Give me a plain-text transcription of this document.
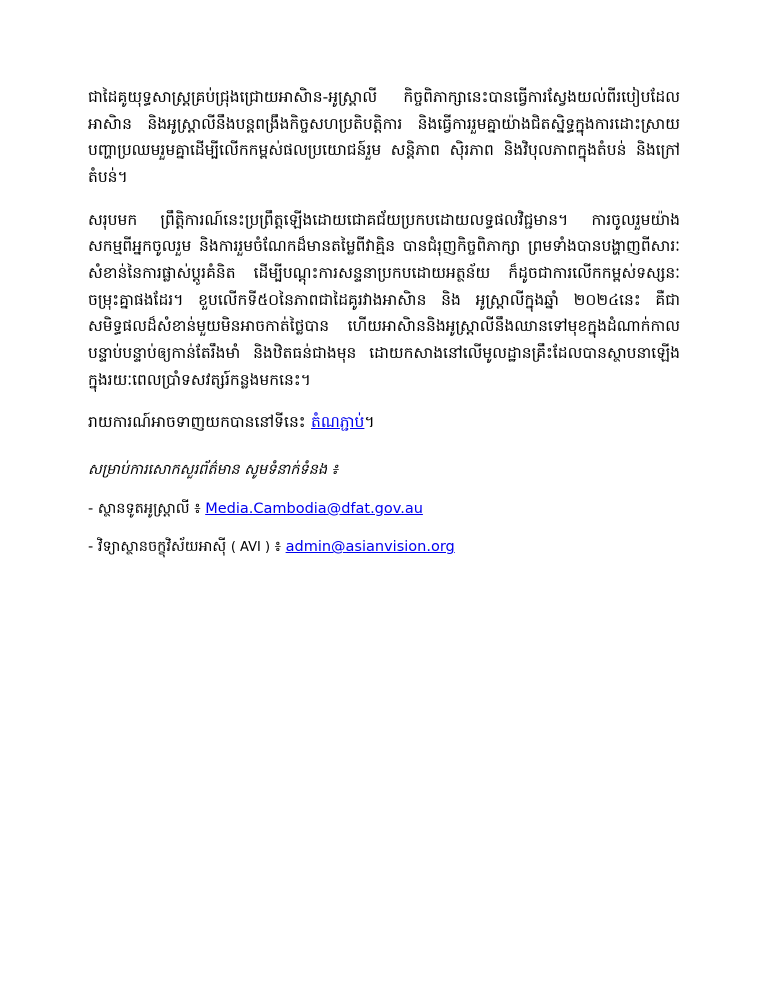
ជាដៃគូយុទ្ធសាស្ត្រគ្រប់ជ្រុងជ្រោយអាសិាន-អូស្ត្រាលី កិច្ចពិភាក្សានេះបានធ្វើការស្វែងយល់ពីរបៀបដែលអាសិាន និងអូស្ត្រាលីនឹងបន្តពង្រឹងកិច្ចសហប្រតិបត្តិការ និងធ្វើការរួមគ្នាយ៉ាងជិតស្និទ្ធក្នុងការដោះស្រាយបញ្ហាប្រឈមរួមគ្នាដើម្បីលើកកម្ពស់ផលប្រយោជន៍រួម សន្តិភាព សុិរភាព និងវិបុលភាពក្នុងតំបន់ និងក្រៅតំបន់។

សរុបមក ព្រឹត្តិការណ៍នេះប្រព្រឹត្តឡើងដោយជោគជ័យប្រកបដោយលទ្ធផលវិជ្ជមាន។ ការចូលរួមយ៉ាងសកម្មពីអ្នកចូលរួម និងការរួមចំណែកដ៏មានតម្លៃពីវាគ្មិន បានជំរុញកិច្ចពិភាក្សា ព្រមទាំងបានបង្ហាញពីសារៈសំខាន់នៃការផ្លាស់ប្តូរគំនិត ដើម្បីបណ្តុះការសន្ទនាប្រកបដោយអត្ថន័យ ក៏ដូចជាការលើកកម្ពស់ទស្សនៈចម្រុះគ្នាផងដែរ។ ខួបលើកទី៥០នៃភាពជាដៃគូរវាងអាសិាន និង អូស្ត្រាលីក្នុងឆ្នាំ ២០២៤នេះ គឺជាសមិទ្ធផលដ៏សំខាន់មួយមិនអាចកាត់ថ្លៃបាន ហើយអាសិាននិងអូស្ត្រាលីនឹងឈានទៅមុខក្នុងដំណាក់កាលបន្ទាប់បន្ទាប់ឲ្យកាន់តែរឹងមាំ និងឋិតធន់ជាងមុន ដោយកសាងនៅលើមូលដ្ឋានគ្រឹះដែលបានស្ថាបនាឡើងក្នុងរយៈពេលប្រាំទសវត្សរ៍កន្លងមកនេះ។

រាយការណ៍អាចទាញយកបាននៅទីនេះ តំណភ្ជាប់។

សម្រាប់ការសោកសួរព័ត៌មាន សូមទំនាក់ទំនង ៖

- ស្ថានទូតអូស្ត្រាលី ៖ Media.Cambodia@dfat.gov.au

- វិទ្យាស្ថានចក្ខុវិស័យអាស៊ី ( AVI ) ៖ admin@asianvision.org
